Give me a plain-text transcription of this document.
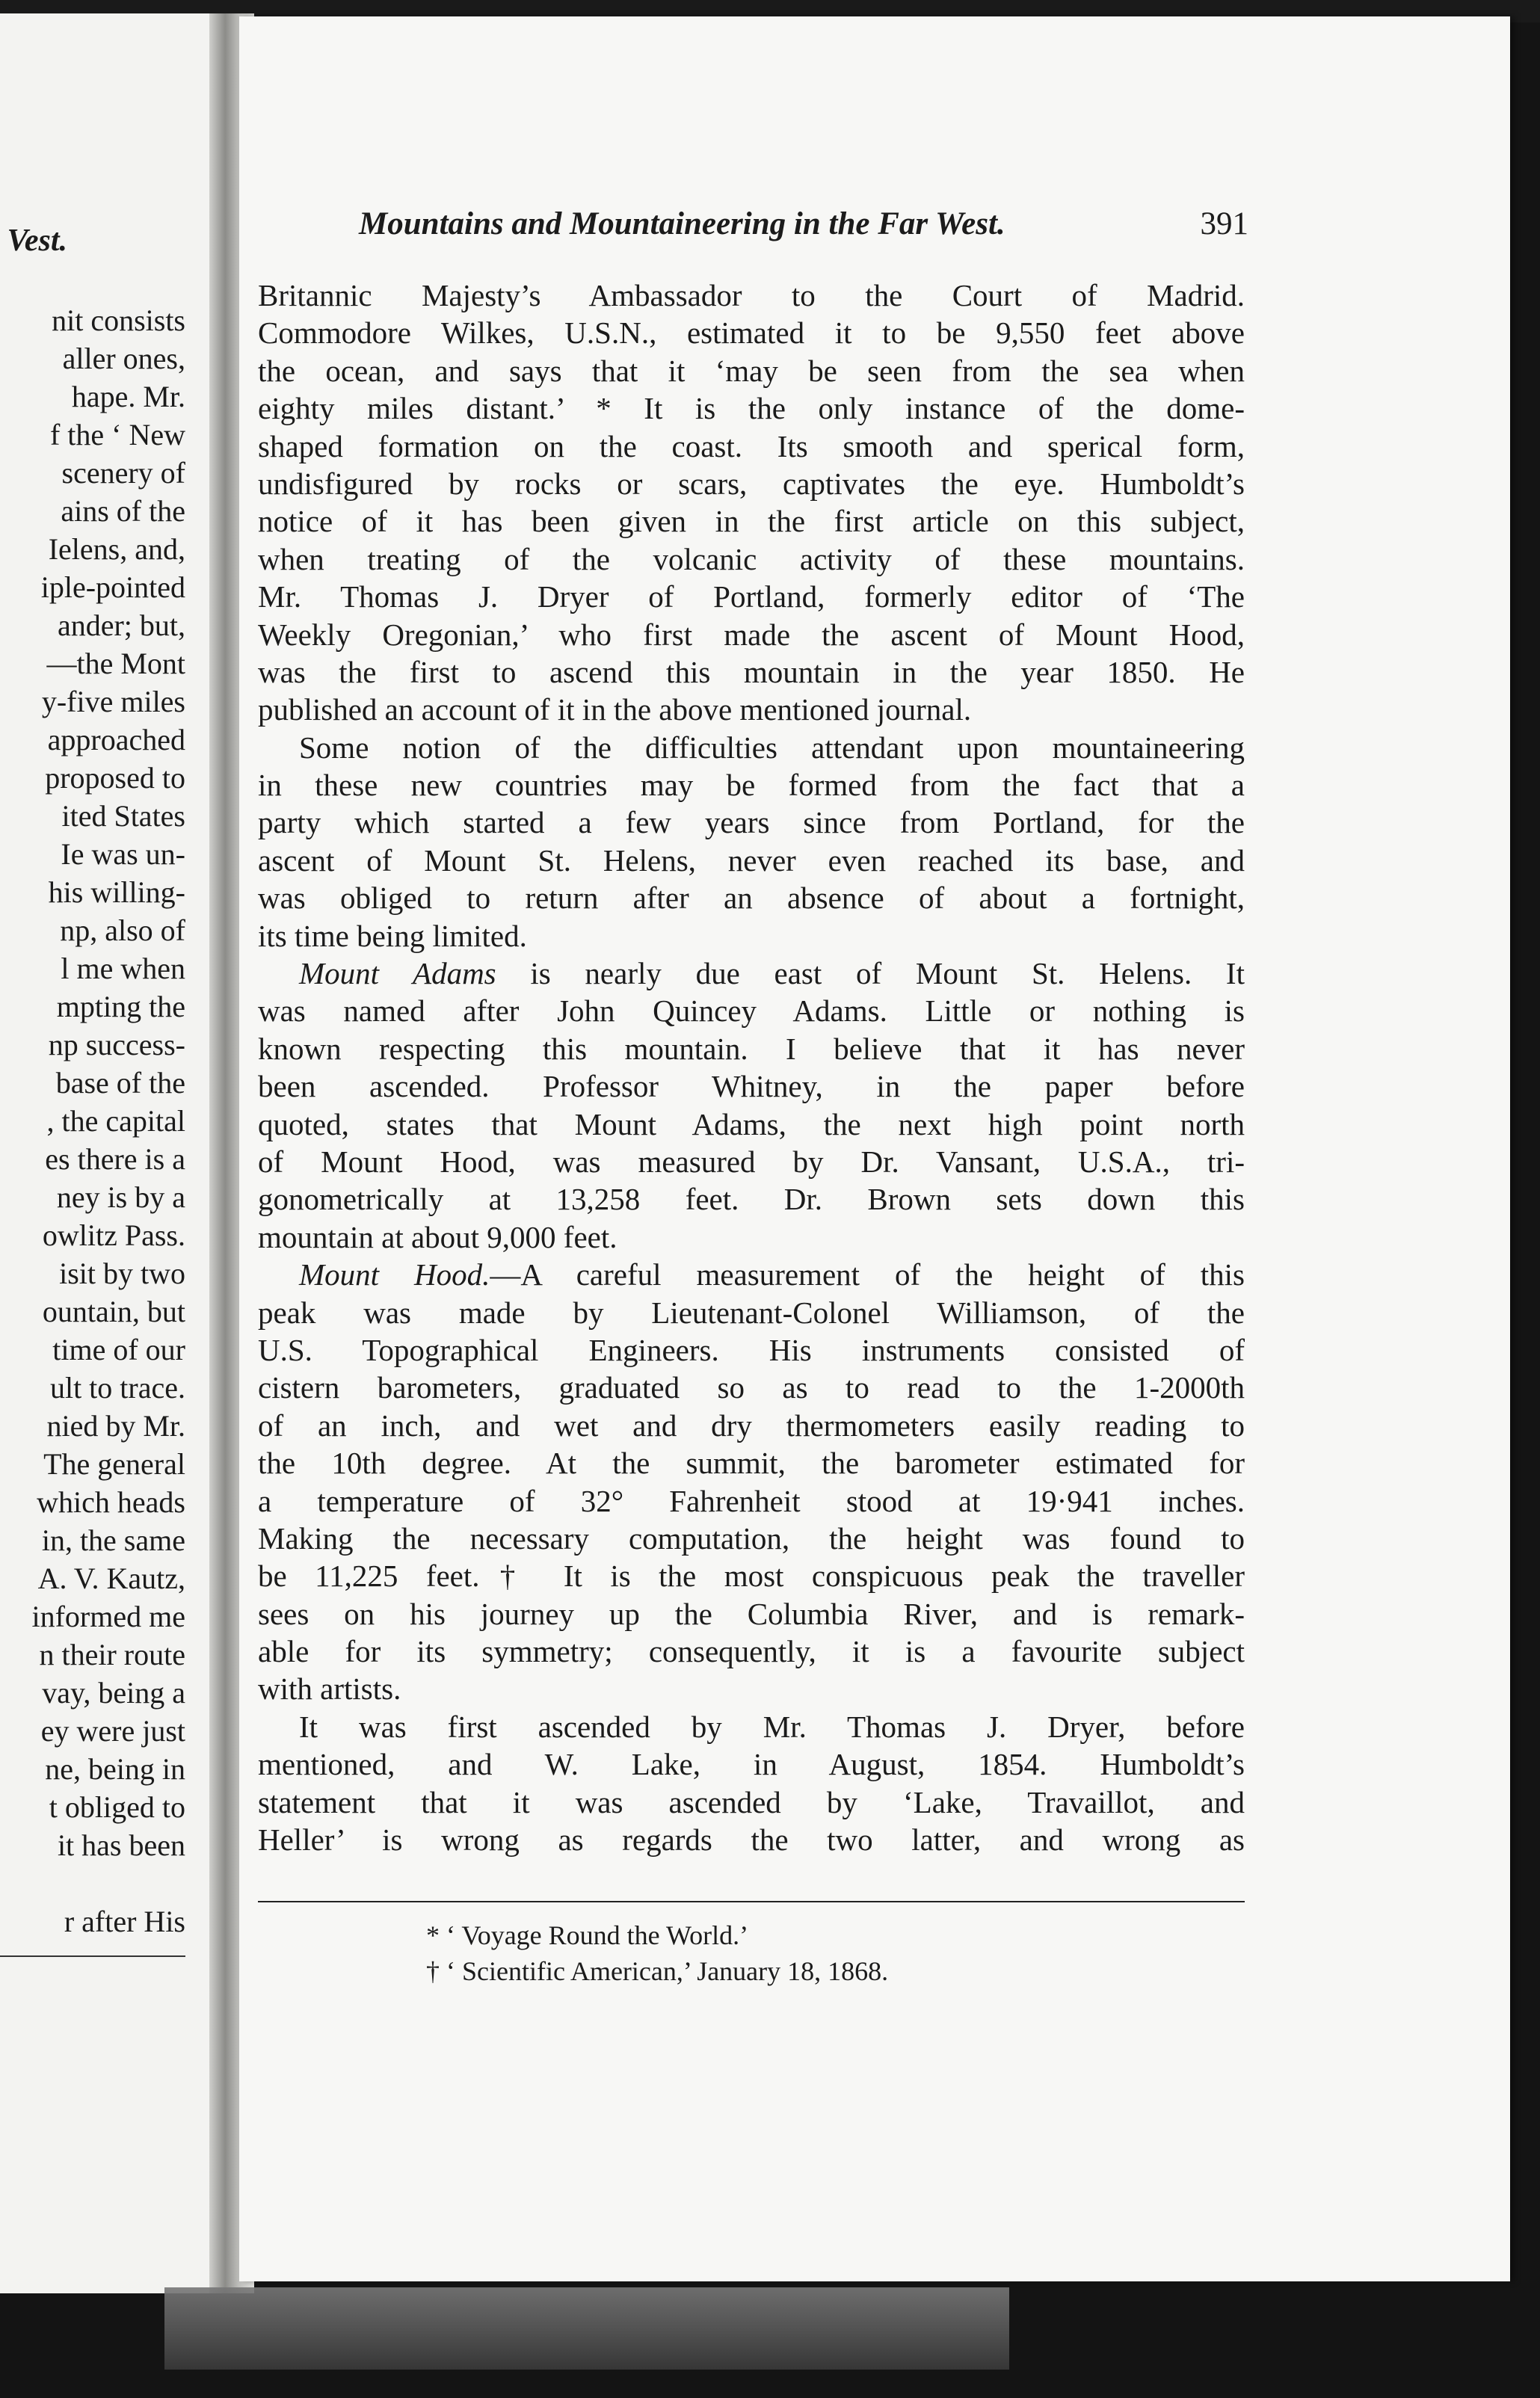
Vest.
nit consists
aller ones,
hape. Mr.
f the ‘ New
scenery of
ains of the
Ielens, and,
iple-pointed
ander; but,
—the Mont
y-five miles
approached
proposed to
ited States
Ie was un-
his willing-
np, also of
l me when
mpting the
np success-
base of the
, the capital
es there is a
ney is by a
owlitz Pass.
isit by two
ountain, but
time of our
ult to trace.
nied by Mr.
The general
which heads
in, the same
A. V. Kautz,
informed me
n their route
vay, being a
ey were just
ne, being in
t obliged to
it has been
r after His
Mountains and Mountaineering in the Far West.	391
Britannic Majesty’s Ambassador to the Court of Madrid.
Commodore Wilkes, U.S.N., estimated it to be 9,550 feet above
the ocean, and says that it ‘may be seen from the sea when
eighty miles distant.’ * It is the only instance of the dome-
shaped formation on the coast. Its smooth and sperical form,
undisfigured by rocks or scars, captivates the eye. Humboldt’s
notice of it has been given in the first article on this subject,
when treating of the volcanic activity of these mountains.
Mr. Thomas J. Dryer of Portland, formerly editor of ‘The
Weekly Oregonian,’ who first made the ascent of Mount Hood,
was the first to ascend this mountain in the year 1850. He
published an account of it in the above mentioned journal.
Some notion of the difficulties attendant upon mountaineering
in these new countries may be formed from the fact that a
party which started a few years since from Portland, for the
ascent of Mount St. Helens, never even reached its base, and
was obliged to return after an absence of about a fortnight,
its time being limited.
Mount Adams is nearly due east of Mount St. Helens. It
was named after John Quincey Adams. Little or nothing is
known respecting this mountain. I believe that it has never
been ascended. Professor Whitney, in the paper before
quoted, states that Mount Adams, the next high point north
of Mount Hood, was measured by Dr. Vansant, U.S.A., tri-
gonometrically at 13,258 feet. Dr. Brown sets down this
mountain at about 9,000 feet.
Mount Hood.—A careful measurement of the height of this
peak was made by Lieutenant-Colonel Williamson, of the
U.S. Topographical Engineers. His instruments consisted of
cistern barometers, graduated so as to read to the 1-2000th
of an inch, and wet and dry thermometers easily reading to
the 10th degree. At the summit, the barometer estimated for
a temperature of 32° Fahrenheit stood at 19·941 inches.
Making the necessary computation, the height was found to
be 11,225 feet.† It is the most conspicuous peak the traveller
sees on his journey up the Columbia River, and is remark-
able for its symmetry; consequently, it is a favourite subject
with artists.
It was first ascended by Mr. Thomas J. Dryer, before
mentioned, and W. Lake, in August, 1854. Humboldt’s
statement that it was ascended by ‘Lake, Travaillot, and
Heller’ is wrong as regards the two latter, and wrong as
* ‘ Voyage Round the World.’
† ‘ Scientific American,’ January 18, 1868.
